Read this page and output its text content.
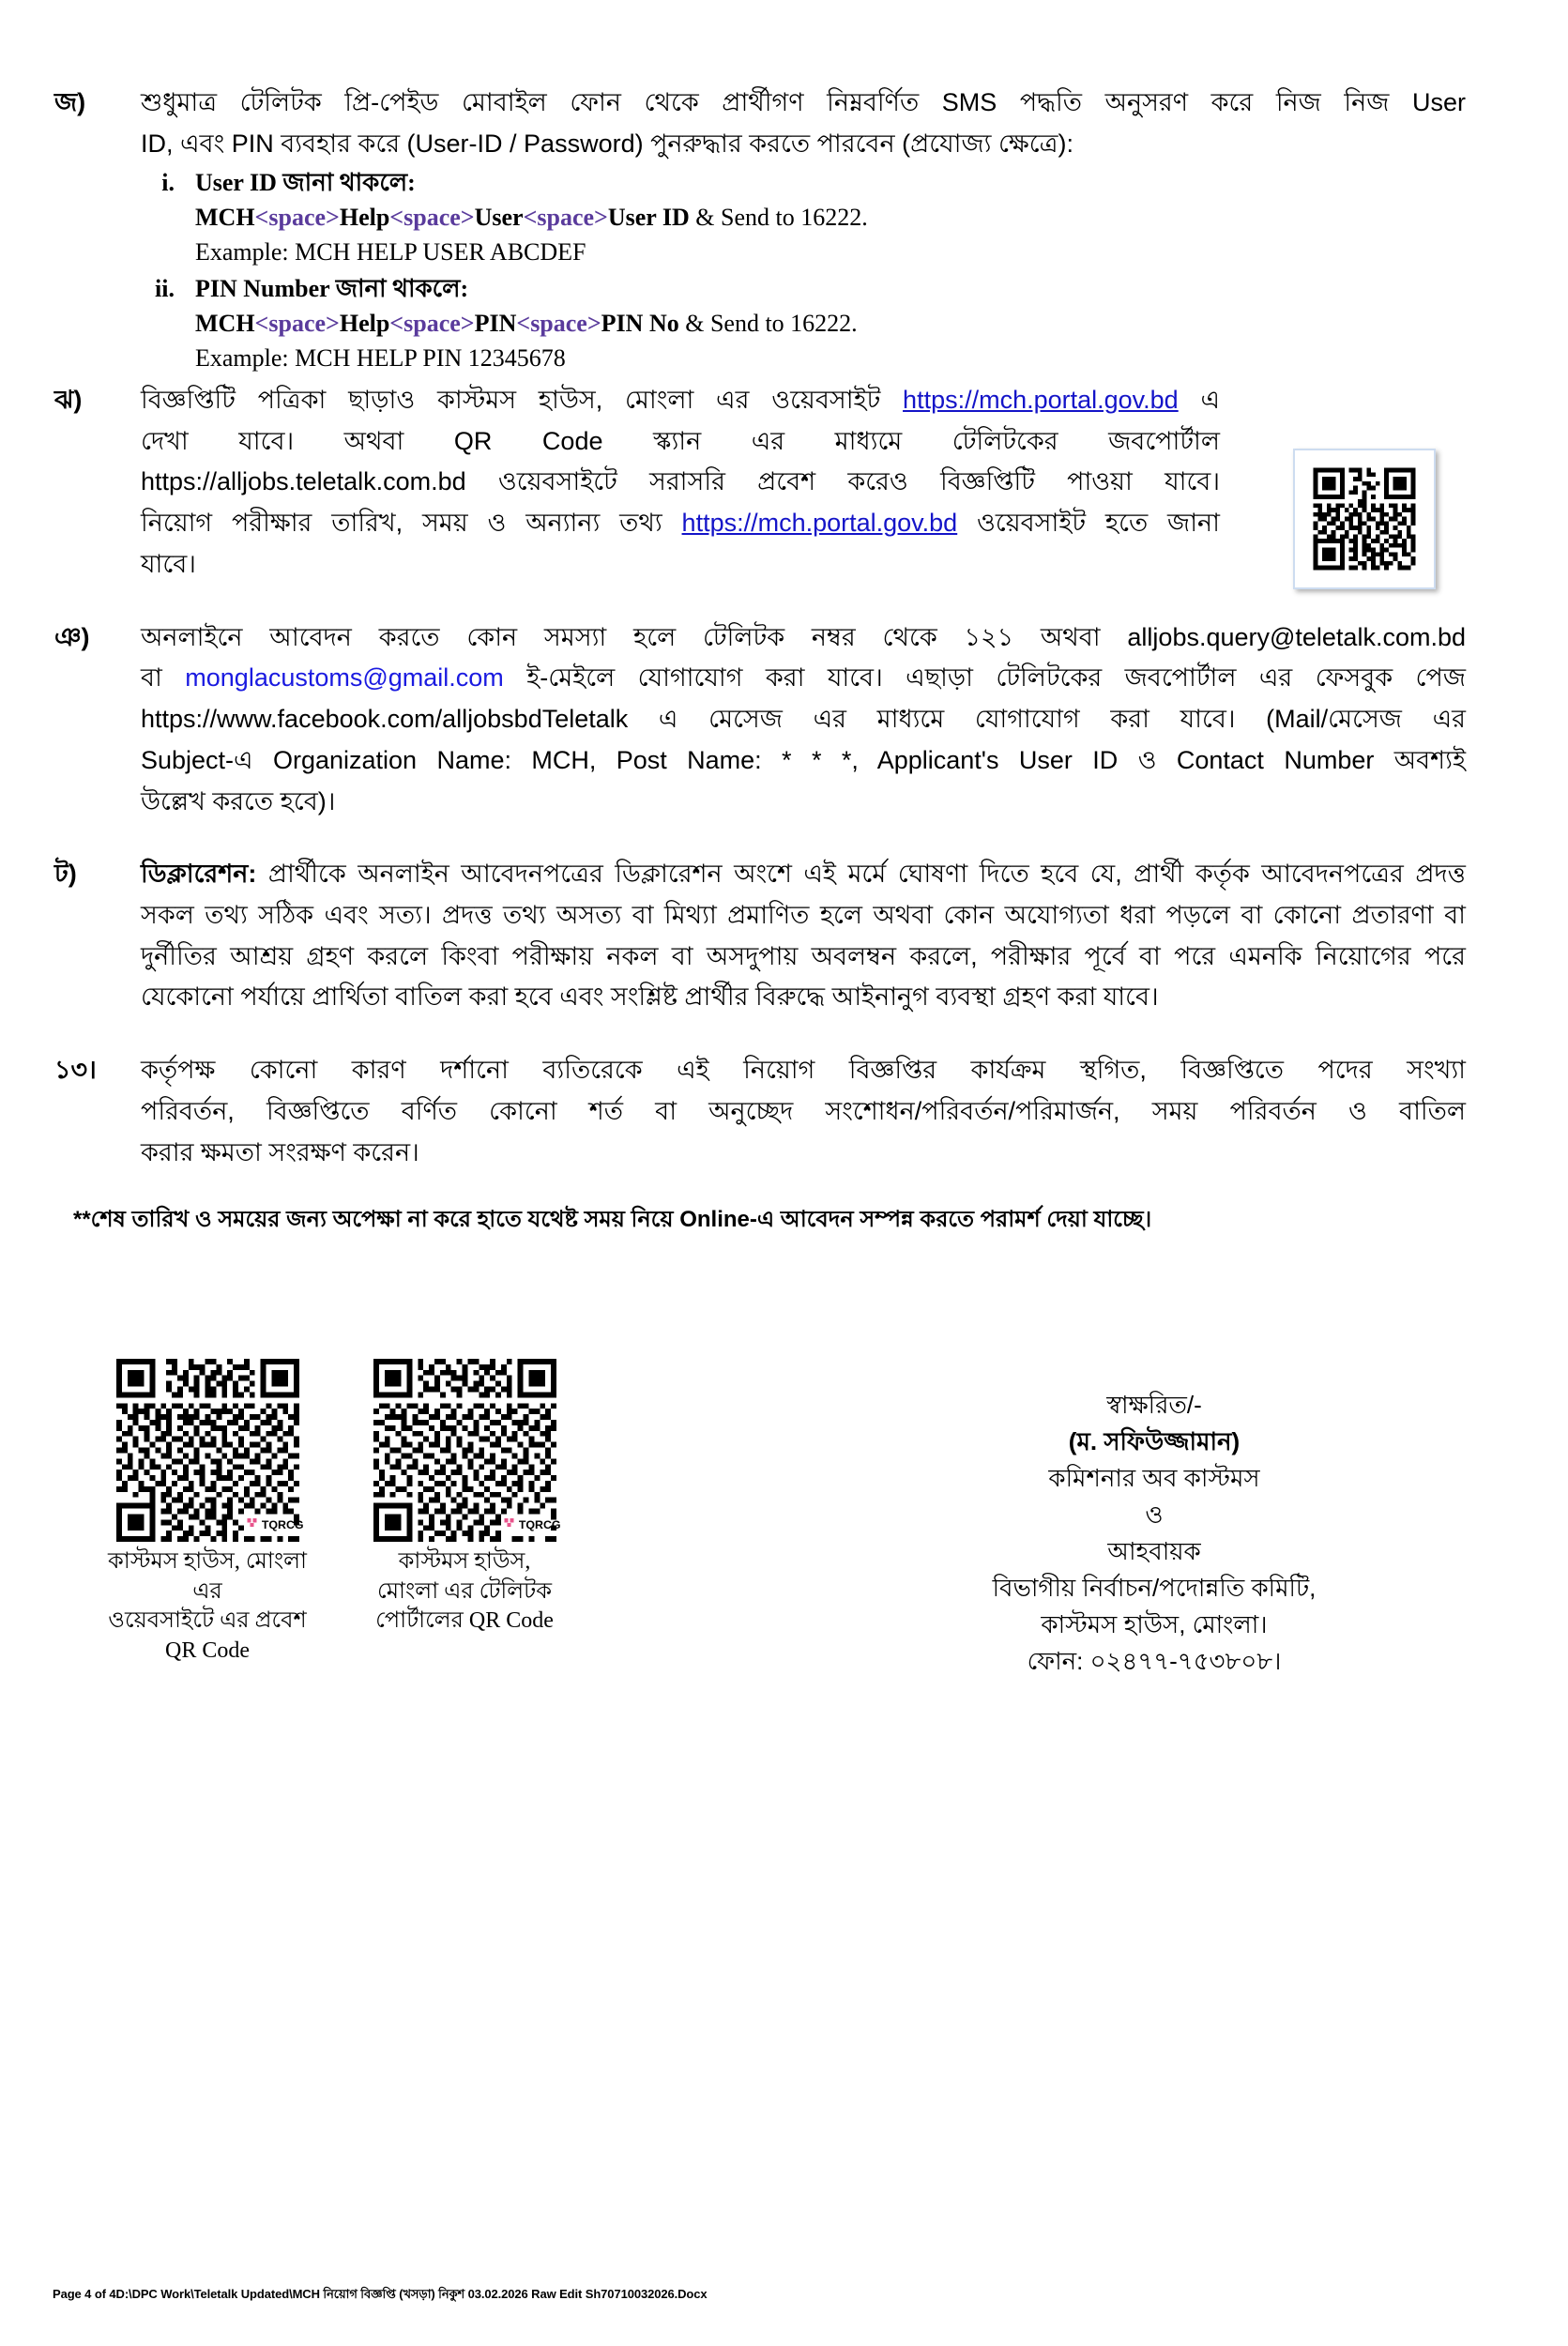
জ)	শুধুমাত্র টেলিটক প্রি-পেইড মোবাইল ফোন থেকে প্রার্থীগণ নিম্নবর্ণিত SMS পদ্ধতি অনুসরণ করে নিজ নিজ User
ID, এবং PIN ব্যবহার করে (User-ID / Password) পুনরুদ্ধার করতে পারবেন (প্রযোজ্য ক্ষেত্রে):
i. User ID জানা থাকলে:
MCH<space>Help<space>User<space>User ID & Send to 16222.
Example: MCH HELP USER ABCDEF
ii. PIN Number জানা থাকলে:
MCH<space>Help<space>PIN<space>PIN No & Send to 16222.
Example: MCH HELP PIN 12345678
ঝ)	বিজ্ঞপ্তিটি পত্রিকা ছাড়াও কাস্টমস হাউস, মোংলা এর ওয়েবসাইট https://mch.portal.gov.bd এ
দেখা যাবে। অথবা QR Code স্ক্যান এর মাধ্যমে টেলিটকের জবপোর্টাল
https://alljobs.teletalk.com.bd ওয়েবসাইটে সরাসরি প্রবেশ করেও বিজ্ঞপ্তিটি পাওয়া যাবে।
নিয়োগ পরীক্ষার তারিখ, সময় ও অন্যান্য তথ্য https://mch.portal.gov.bd ওয়েবসাইট হতে জানা
যাবে।
ঞ)	অনলাইনে আবেদন করতে কোন সমস্যা হলে টেলিটক নম্বর থেকে ১২১ অথবা alljobs.query@teletalk.com.bd
বা monglacustoms@gmail.com ই-মেইলে যোগাযোগ করা যাবে। এছাড়া টেলিটকের জবপোর্টাল এর ফেসবুক পেজ
https://www.facebook.com/alljobsbdTeletalk এ মেসেজ এর মাধ্যমে যোগাযোগ করা যাবে। (Mail/মেসেজ এর
Subject-এ Organization Name: MCH, Post Name: * * *, Applicant's User ID ও Contact Number অবশ্যই
উল্লেখ করতে হবে)।
ট)	ডিক্লারেশন: প্রার্থীকে অনলাইন আবেদনপত্রের ডিক্লারেশন অংশে এই মর্মে ঘোষণা দিতে হবে যে, প্রার্থী কর্তৃক আবেদনপত্রের প্রদত্ত
সকল তথ্য সঠিক এবং সত্য। প্রদত্ত তথ্য অসত্য বা মিথ্যা প্রমাণিত হলে অথবা কোন অযোগ্যতা ধরা পড়লে বা কোনো প্রতারণা বা
দুর্নীতির আশ্রয় গ্রহণ করলে কিংবা পরীক্ষায় নকল বা অসদুপায় অবলম্বন করলে, পরীক্ষার পূর্বে বা পরে এমনকি নিয়োগের পরে
যেকোনো পর্যায়ে প্রার্থিতা বাতিল করা হবে এবং সংশ্লিষ্ট প্রার্থীর বিরুদ্ধে আইনানুগ ব্যবস্থা গ্রহণ করা যাবে।
১৩।	কর্তৃপক্ষ কোনো কারণ দর্শানো ব্যতিরেকে এই নিয়োগ বিজ্ঞপ্তির কার্যক্রম স্থগিত, বিজ্ঞপ্তিতে পদের সংখ্যা
পরিবর্তন, বিজ্ঞপ্তিতে বর্ণিত কোনো শর্ত বা অনুচ্ছেদ সংশোধন/পরিবর্তন/পরিমার্জন, সময় পরিবর্তন ও বাতিল
করার ক্ষমতা সংরক্ষণ করেন।
**শেষ তারিখ ও সময়ের জন্য অপেক্ষা না করে হাতে যথেষ্ট সময় নিয়ে Online-এ আবেদন সম্পন্ন করতে পরামর্শ দেয়া যাচ্ছে।
TQRCG
কাস্টমস হাউস, মোংলা এর
ওয়েবসাইটে এর প্রবেশ
QR Code
TQRCG
কাস্টমস হাউস,
মোংলা এর টেলিটক
পোর্টালের QR Code
স্বাক্ষরিত/-
(ম. সফিউজ্জামান)
কমিশনার অব কাস্টমস
ও
আহবায়ক
বিভাগীয় নির্বাচন/পদোন্নতি কমিটি,
কাস্টমস হাউস, মোংলা।
ফোন: ০২৪৭৭-৭৫৩৮০৮।
Page 4 of 4D:\DPC Work\Teletalk Updated\MCH নিয়োগ বিজ্ঞপ্তি (খসড়া) নিকুশ 03.02.2026 Raw Edit Sh70710032026.Docx
